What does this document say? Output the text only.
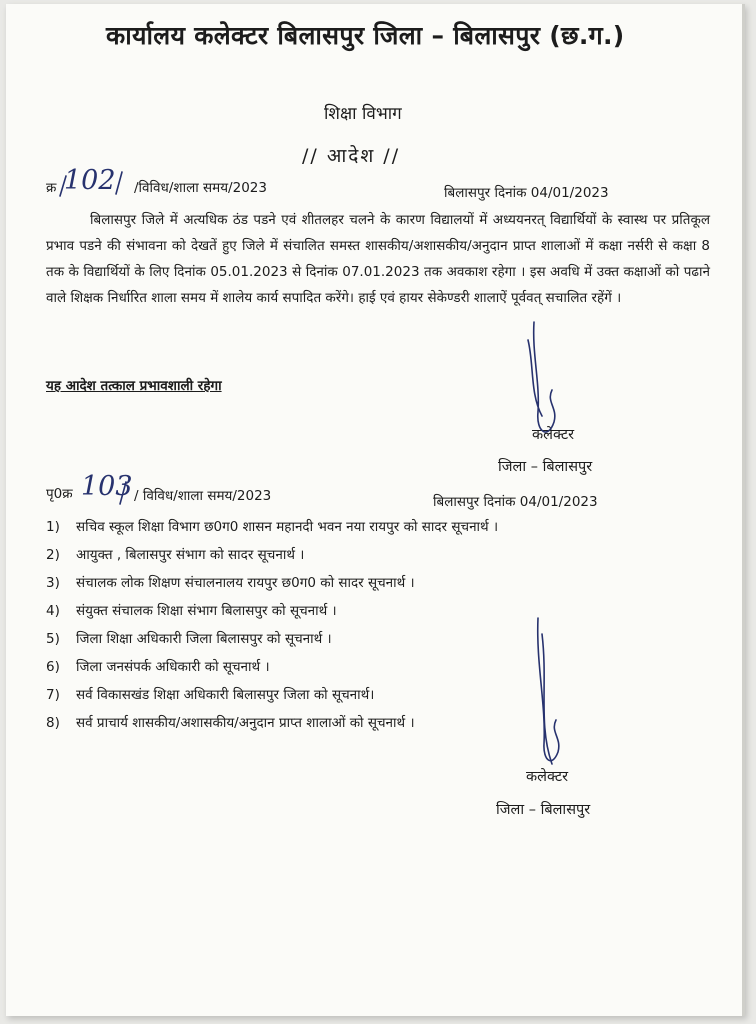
कार्यालय कलेक्टर बिलासपुर जिला – बिलासपुर (छ.ग.)
शिक्षा विभाग
// आदेश //
क्र 102 /विविध/शाला समय/2023	बिलासपुर दिनांक 04/01/2023

बिलासपुर जिले में अत्यधिक ठंड पडने एवं शीतलहर चलने के कारण विद्यालयों में अध्ययनरत् विद्यार्थियों के स्वास्थ पर प्रतिकूल प्रभाव पडने की संभावना को देखतें हुए जिले में संचालित समस्त शासकीय/अशासकीय/अनुदान प्राप्त शालाओं में कक्षा नर्सरी से कक्षा 8 तक के विद्यार्थियों के लिए दिनांक 05.01.2023 से दिनांक 07.01.2023 तक अवकाश रहेगा । इस अवधि में उक्त कक्षाओं को पढाने वाले शिक्षक निर्धारित शाला समय में शालेय कार्य सपादित करेंगे। हाई एवं हायर सेकेण्डरी शालाऐं पूर्ववत् सचालित रहेंगें ।

यह आदेश तत्काल प्रभावशाली रहेगा
कलेक्टर
जिला – बिलासपुर
पृ0क्र 103 / विविध/शाला समय/2023	बिलासपुर दिनांक 04/01/2023
1) सचिव स्कूल शिक्षा विभाग छ0ग0 शासन महानदी भवन नया रायपुर को सादर सूचनार्थ ।
2) आयुक्त , बिलासपुर संभाग को सादर सूचनार्थ ।
3) संचालक लोक शिक्षण संचालनालय रायपुर छ0ग0 को सादर सूचनार्थ ।
4) संयुक्त संचालक शिक्षा संभाग बिलासपुर को सूचनार्थ ।
5) जिला शिक्षा अधिकारी जिला बिलासपुर को सूचनार्थ ।
6) जिला जनसंपर्क अधिकारी को सूचनार्थ ।
7) सर्व विकासखंड शिक्षा अधिकारी बिलासपुर जिला को सूचनार्थ।
8) सर्व प्राचार्य शासकीय/अशासकीय/अनुदान प्राप्त शालाओं को सूचनार्थ ।
कलेक्टर
जिला – बिलासपुर
